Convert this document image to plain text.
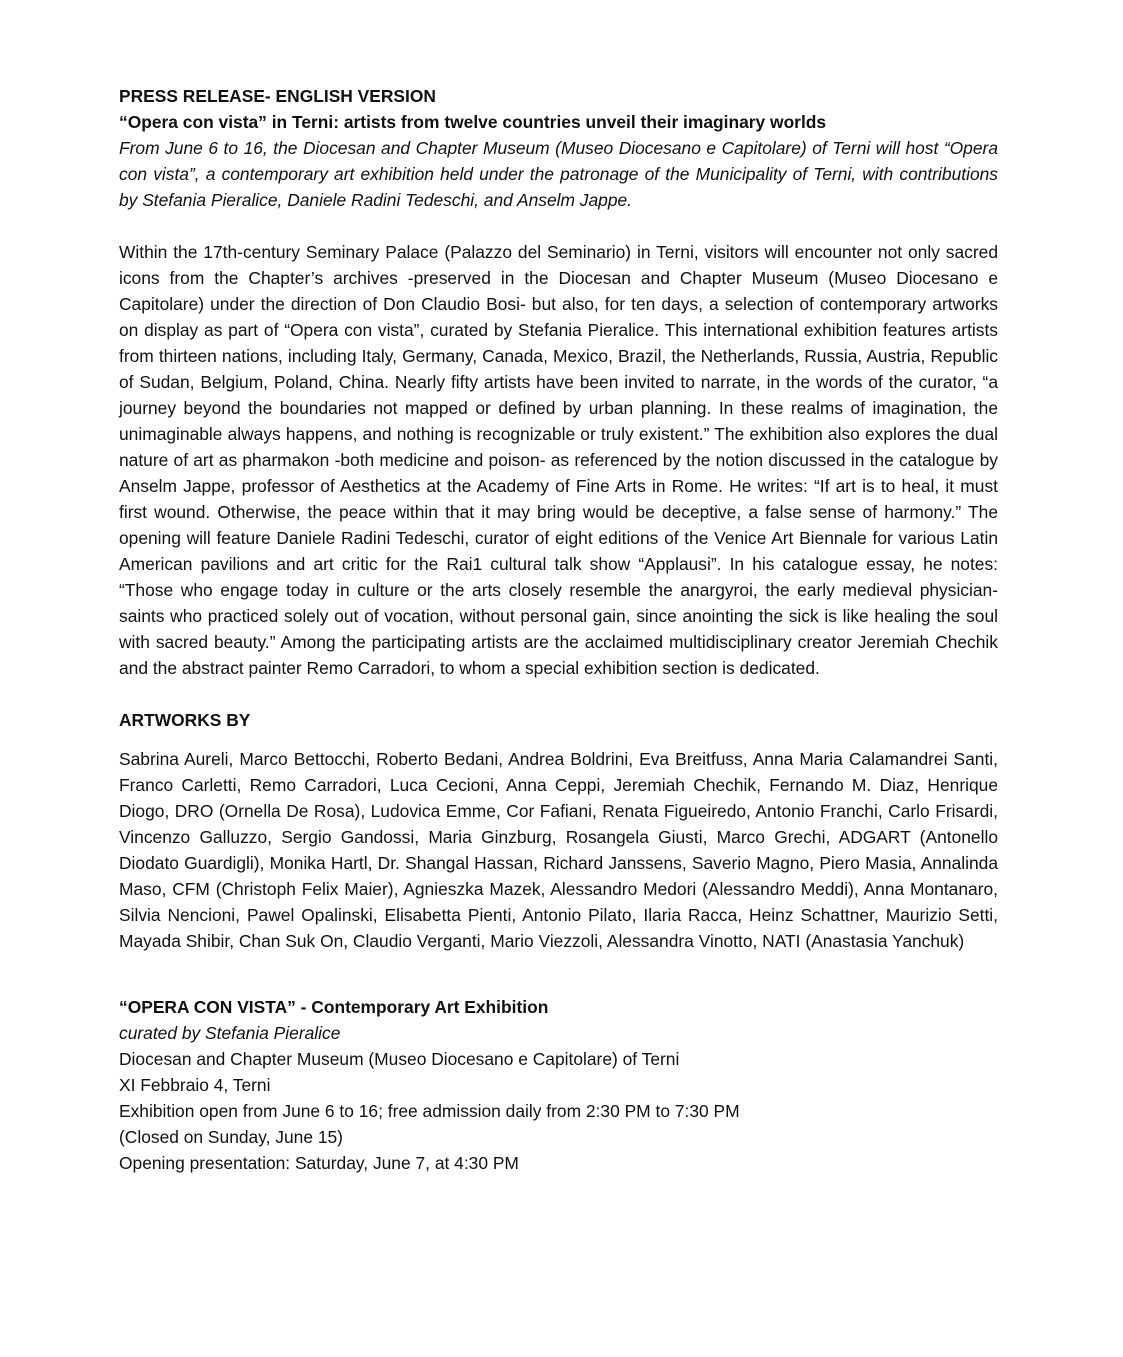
PRESS RELEASE- ENGLISH VERSION

“Opera con vista” in Terni: artists from twelve countries unveil their imaginary worlds

From June 6 to 16, the Diocesan and Chapter Museum (Museo Diocesano e Capitolare) of Terni will host “Opera con vista”, a contemporary art exhibition held under the patronage of the Municipality of Terni, with contributions by Stefania Pieralice, Daniele Radini Tedeschi, and Anselm Jappe.

Within the 17th-century Seminary Palace (Palazzo del Seminario) in Terni, visitors will encounter not only sacred icons from the Chapter’s archives -preserved in the Diocesan and Chapter Museum (Museo Diocesano e Capitolare) under the direction of Don Claudio Bosi- but also, for ten days, a selection of contemporary artworks on display as part of “Opera con vista”, curated by Stefania Pieralice. This international exhibition features artists from thirteen nations, including Italy, Germany, Canada, Mexico, Brazil, the Netherlands, Russia, Austria, Republic of Sudan, Belgium, Poland, China. Nearly fifty artists have been invited to narrate, in the words of the curator, “a journey beyond the boundaries not mapped or defined by urban planning. In these realms of imagination, the unimaginable always happens, and nothing is recognizable or truly existent.” The exhibition also explores the dual nature of art as pharmakon -both medicine and poison- as referenced by the notion discussed in the catalogue by Anselm Jappe, professor of Aesthetics at the Academy of Fine Arts in Rome. He writes: “If art is to heal, it must first wound. Otherwise, the peace within that it may bring would be deceptive, a false sense of harmony.” The opening will feature Daniele Radini Tedeschi, curator of eight editions of the Venice Art Biennale for various Latin American pavilions and art critic for the Rai1 cultural talk show “Applausi”. In his catalogue essay, he notes: “Those who engage today in culture or the arts closely resemble the anargyroi, the early medieval physician-saints who practiced solely out of vocation, without personal gain, since anointing the sick is like healing the soul with sacred beauty.” Among the participating artists are the acclaimed multidisciplinary creator Jeremiah Chechik and the abstract painter Remo Carradori, to whom a special exhibition section is dedicated.

ARTWORKS BY

Sabrina Aureli, Marco Bettocchi, Roberto Bedani, Andrea Boldrini, Eva Breitfuss, Anna Maria Calamandrei Santi, Franco Carletti, Remo Carradori, Luca Cecioni, Anna Ceppi, Jeremiah Chechik, Fernando M. Diaz, Henrique Diogo, DRO (Ornella De Rosa), Ludovica Emme, Cor Fafiani, Renata Figueiredo, Antonio Franchi, Carlo Frisardi, Vincenzo Galluzzo, Sergio Gandossi, Maria Ginzburg, Rosangela Giusti, Marco Grechi, ADGART (Antonello Diodato Guardigli), Monika Hartl, Dr. Shangal Hassan, Richard Janssens, Saverio Magno, Piero Masia, Annalinda Maso, CFM (Christoph Felix Maier), Agnieszka Mazek, Alessandro Medori (Alessandro Meddi), Anna Montanaro, Silvia Nencioni, Pawel Opalinski, Elisabetta Pienti, Antonio Pilato, Ilaria Racca, Heinz Schattner, Maurizio Setti, Mayada Shibir, Chan Suk On, Claudio Verganti, Mario Viezzoli, Alessandra Vinotto, NATI (Anastasia Yanchuk)

“OPERA CON VISTA” - Contemporary Art Exhibition

curated by Stefania Pieralice

Diocesan and Chapter Museum (Museo Diocesano e Capitolare) of Terni

XI Febbraio 4, Terni

Exhibition open from June 6 to 16; free admission daily from 2:30 PM to 7:30 PM

(Closed on Sunday, June 15)

Opening presentation: Saturday, June 7, at 4:30 PM
